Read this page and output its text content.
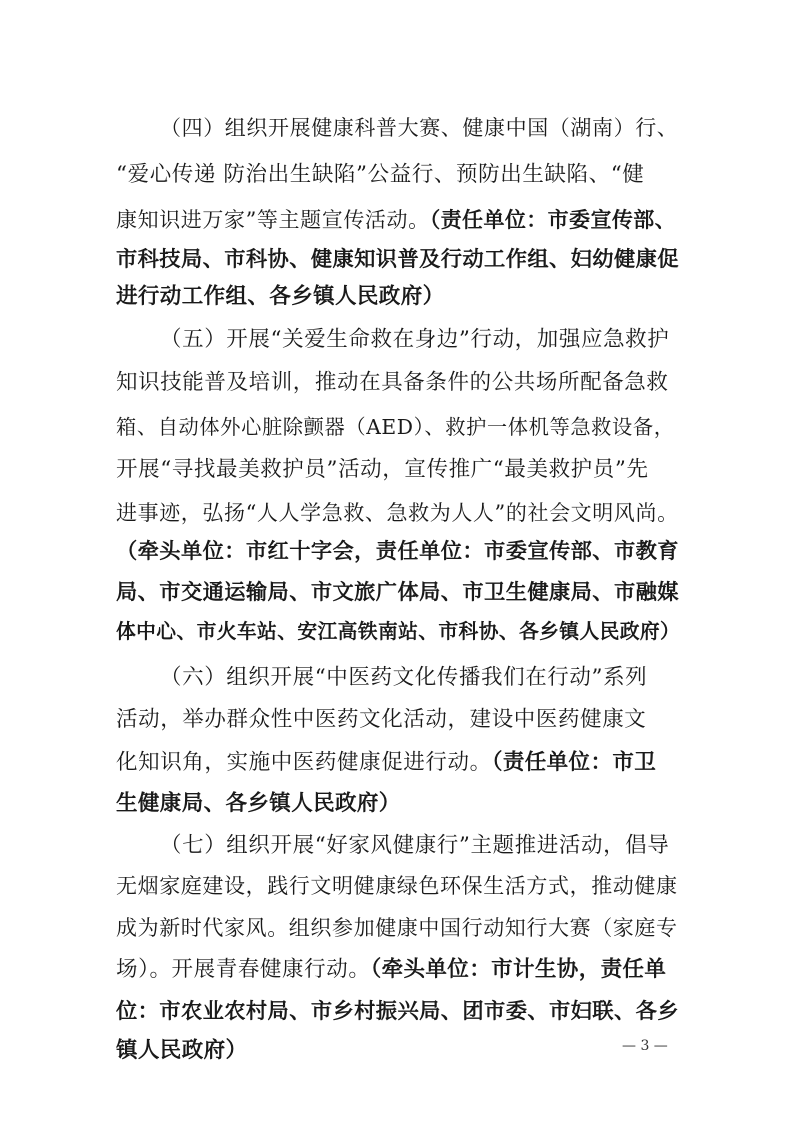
（四）组织开展健康科普大赛、健康中国（湖南）行、
“爱心传递 防治出生缺陷”公益行、预防出生缺陷、“健
康知识进万家”等主题宣传活动。（责任单位：市委宣传部、
市科技局、市科协、健康知识普及行动工作组、妇幼健康促
进行动工作组、各乡镇人民政府）
（五）开展“关爱生命救在身边”行动，加强应急救护
知识技能普及培训，推动在具备条件的公共场所配备急救
箱、自动体外心脏除颤器（AED）、救护一体机等急救设备，
开展“寻找最美救护员”活动，宣传推广“最美救护员”先
进事迹，弘扬“人人学急救、急救为人人”的社会文明风尚。
（牵头单位：市红十字会，责任单位：市委宣传部、市教育
局、市交通运输局、市文旅广体局、市卫生健康局、市融媒
体中心、市火车站、安江高铁南站、市科协、各乡镇人民政府）
（六）组织开展“中医药文化传播我们在行动”系列
活动，举办群众性中医药文化活动，建设中医药健康文
化知识角，实施中医药健康促进行动。（责任单位：市卫
生健康局、各乡镇人民政府）
（七）组织开展“好家风健康行”主题推进活动，倡导
无烟家庭建设，践行文明健康绿色环保生活方式，推动健康
成为新时代家风。组织参加健康中国行动知行大赛（家庭专
场）。开展青春健康行动。（牵头单位：市计生协，责任单
位：市农业农村局、市乡村振兴局、团市委、市妇联、各乡
镇人民政府）	— 3 —
